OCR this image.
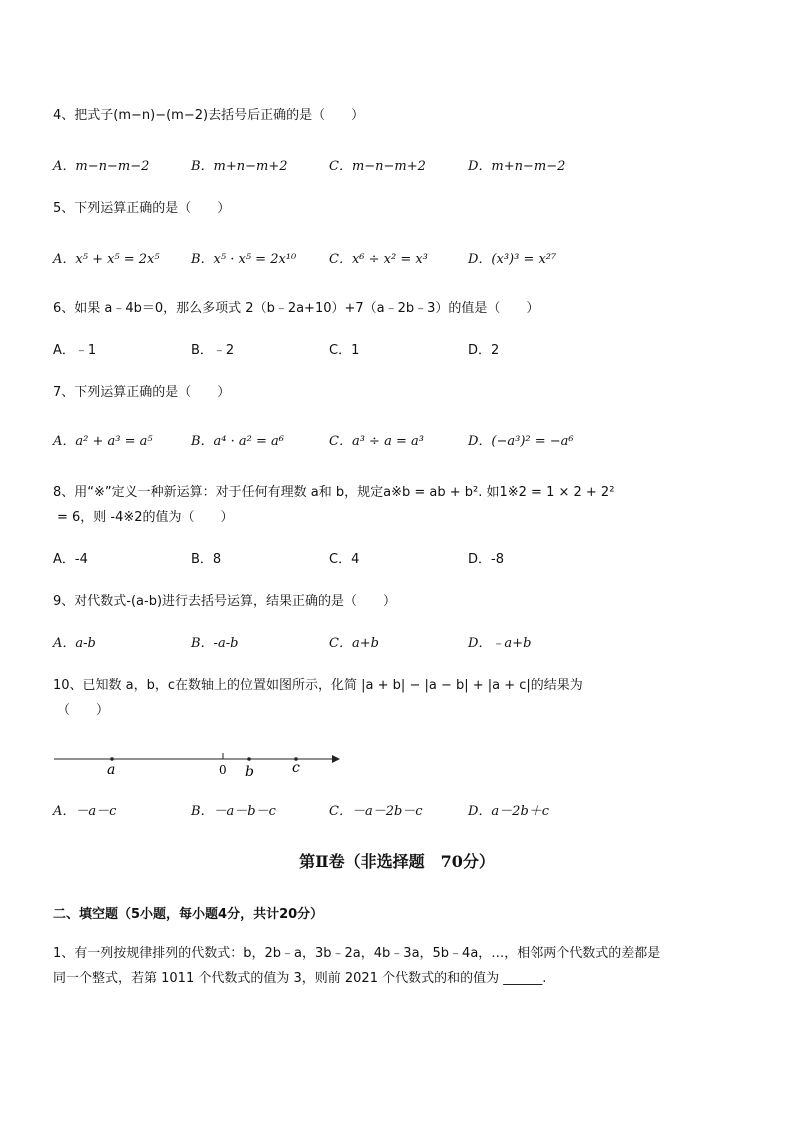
4、把式子(m−n)−(m−2)去括号后正确的是（　　）
A．m−n−m−2	B．m+n−m+2	C．m−n−m+2	D．m+n−m−2
5、下列运算正确的是（　　）
A．x⁵ + x⁵ = 2x⁵ B．x⁵ · x⁵ = 2x¹⁰	C．x⁶ ÷ x² = x³	D．(x³)³ = x²⁷
6、如果 a﹣4b＝0，那么多项式 2（b﹣2a+10）+7（a﹣2b﹣3）的值是（　　）
A．﹣1	B．﹣2	C．1	D．2
7、下列运算正确的是（　　）
A．a² + a³ = a⁵	B．a⁴ · a² = a⁶	C．a³ ÷ a = a³	D．(−a³)² = −a⁶
8、用“※”定义一种新运算：对于任何有理数 a和 b，规定a※b = ab + b². 如1※2 = 1 × 2 + 2²
= 6，则 -4※2的值为（　　）
A．-4	B．8	C．4	D．-8
9、对代数式-(a-b)进行去括号运算，结果正确的是（　　）
A．a-b	B．-a-b	C．a+b	D．﹣a+b
10、已知数 a，b，c在数轴上的位置如图所示，化简 |a + b| − |a − b| + |a + c|的结果为
（　　）
a	0 b	c
A．－a－c	B．－a－b－c	C．－a－2b－c	D．a－2b＋c
第Ⅱ卷（非选择题　70分）
二、填空题（5小题，每小题4分，共计20分）
1、有一列按规律排列的代数式：b，2b﹣a，3b﹣2a，4b﹣3a，5b﹣4a，…，相邻两个代数式的差都是
同一个整式，若第 1011 个代数式的值为 3，则前 2021 个代数式的和的值为 ______.
